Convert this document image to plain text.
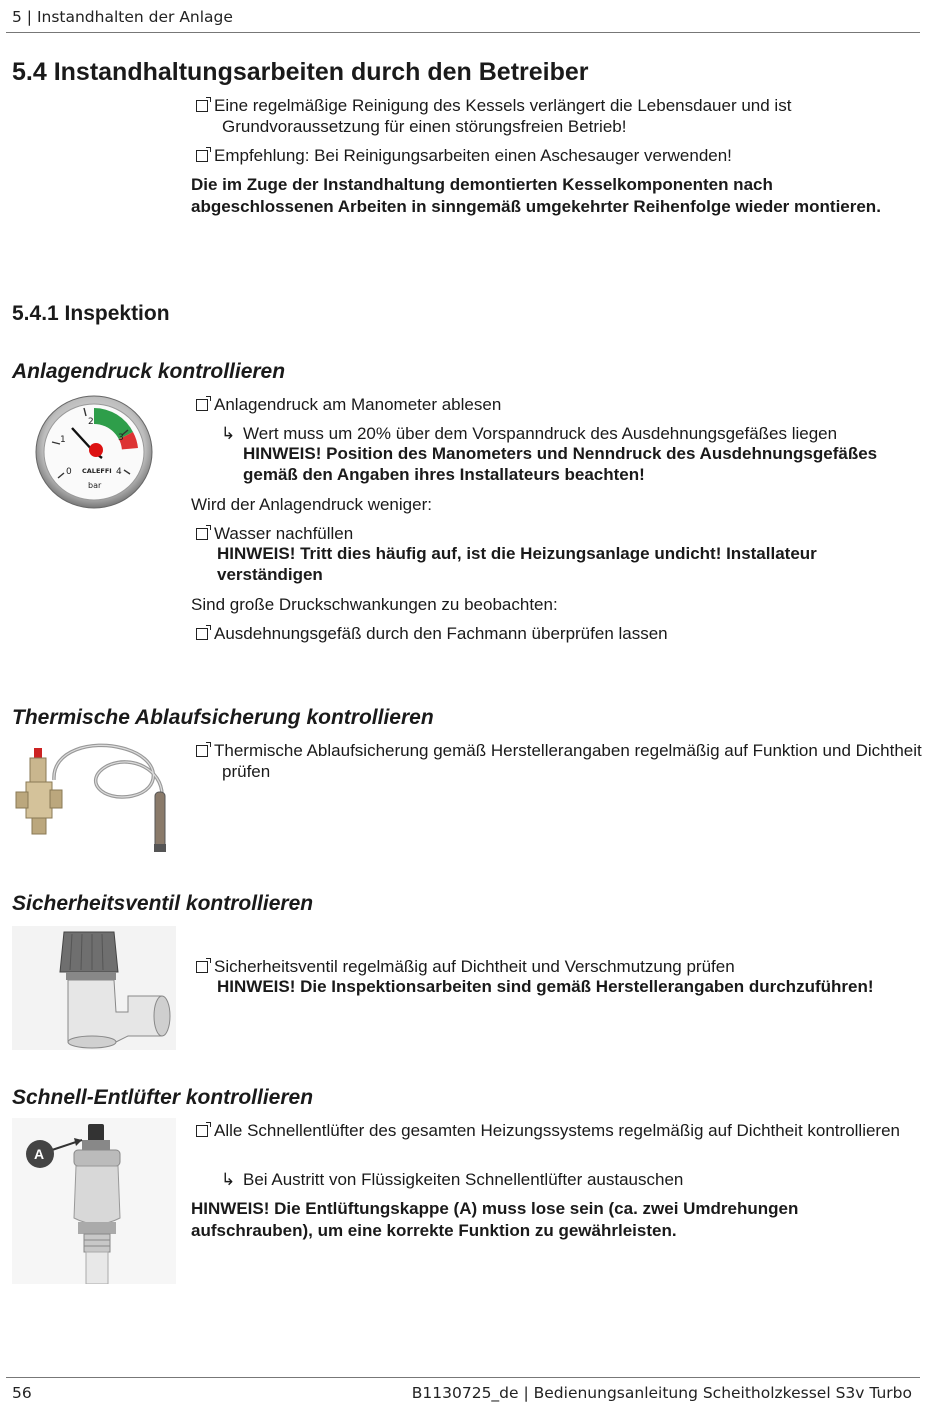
5 | Instandhalten der Anlage
5.4 Instandhaltungsarbeiten durch den Betreiber
Eine regelmäßige Reinigung des Kessels verlängert die Lebensdauer und ist Grundvoraussetzung für einen störungsfreien Betrieb!
Empfehlung: Bei Reinigungsarbeiten einen Aschesauger verwenden!
Die im Zuge der Instandhaltung demontierten Kesselkomponenten nach abgeschlossenen Arbeiten in sinngemäß umgekehrter Reihenfolge wieder montieren.
5.4.1 Inspektion
Anlagendruck kontrollieren
0
1
2
3
4
CALEFFI
bar
Anlagendruck am Manometer ablesen
↳ Wert muss um 20% über dem Vorspanndruck des Ausdehnungsgefäßes liegen
HINWEIS! Position des Manometers und Nenndruck des Ausdehnungsgefäßes gemäß den Angaben ihres Installateurs beachten!
Wird der Anlagendruck weniger:
Wasser nachfüllen
HINWEIS! Tritt dies häufig auf, ist die Heizungsanlage undicht! Installateur verständigen
Sind große Druckschwankungen zu beobachten:
Ausdehnungsgefäß durch den Fachmann überprüfen lassen
Thermische Ablaufsicherung kontrollieren
Thermische Ablaufsicherung gemäß Herstellerangaben regelmäßig auf Funktion und Dichtheit prüfen
Sicherheitsventil kontrollieren
Sicherheitsventil regelmäßig auf Dichtheit und Verschmutzung prüfen
HINWEIS! Die Inspektionsarbeiten sind gemäß Herstellerangaben durchzuführen!
Schnell-Entlüfter kontrollieren
A
Alle Schnellentlüfter des gesamten Heizungssystems regelmäßig auf Dichtheit kontrollieren
↳ Bei Austritt von Flüssigkeiten Schnellentlüfter austauschen
HINWEIS! Die Entlüftungskappe (A) muss lose sein (ca. zwei Umdrehungen aufschrauben), um eine korrekte Funktion zu gewährleisten.
56	B1130725_de | Bedienungsanleitung Scheitholzkessel S3v Turbo
